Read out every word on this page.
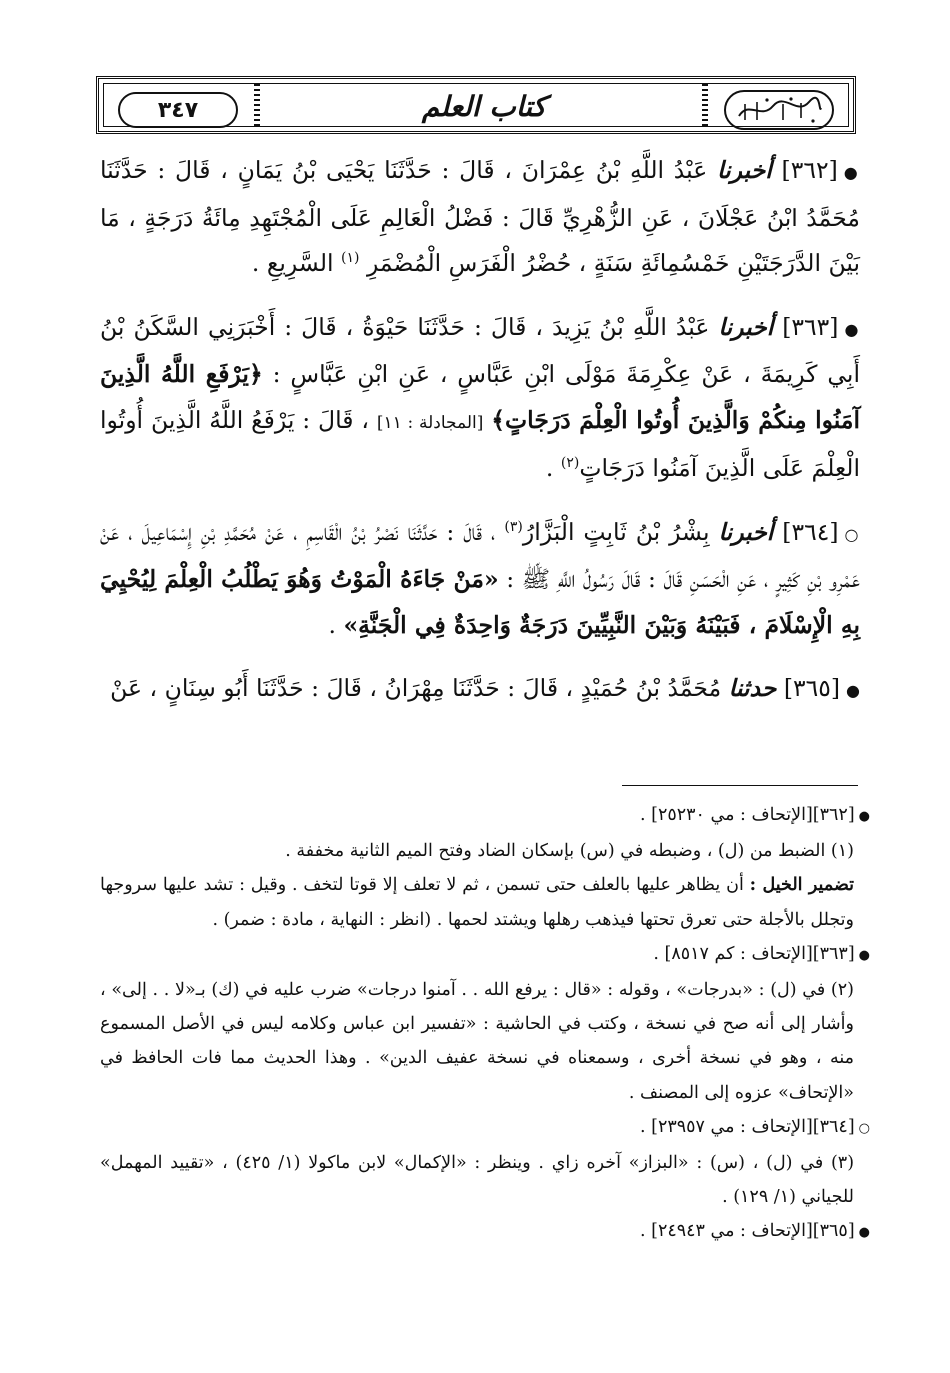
٣٤٧	كتاب العلم

●[٣٦٢] أخبرنا عَبْدُ اللَّهِ بْنُ عِمْرَانَ ، قَالَ : حَدَّثَنَا يَحْيَى بْنُ يَمَانٍ ، قَالَ : حَدَّثَنَا مُحَمَّدُ ابْنُ عَجْلَانَ ، عَنِ الزُّهْرِيِّ قَالَ : فَضْلُ الْعَالِمِ عَلَى الْمُجْتَهِدِ مِائَةُ دَرَجَةٍ ، مَا بَيْنَ الدَّرَجَتَيْنِ خَمْسُمِائَةِ سَنَةٍ ، حُضْرُ الْفَرَسِ الْمُضْمَرِ $^{(١)}$ السَّرِيعِ .

●[٣٦٣] أخبرنا عَبْدُ اللَّهِ بْنُ يَزِيدَ ، قَالَ : حَدَّثَنَا حَيْوَةُ ، قَالَ : أَخْبَرَنِي السَّكَنُ بْنُ أَبِي كَرِيمَةَ ، عَنْ عِكْرِمَةَ مَوْلَى ابْنِ عَبَّاسٍ ، عَنِ ابْنِ عَبَّاسٍ : ﴿يَرْفَعِ اللَّهُ الَّذِينَ آمَنُوا مِنكُمْ وَالَّذِينَ أُوتُوا الْعِلْمَ دَرَجَاتٍ﴾ [المجادلة : ١١] ، قَالَ : يَرْفَعُ اللَّهُ الَّذِينَ أُوتُوا الْعِلْمَ عَلَى الَّذِينَ آمَنُوا دَرَجَاتٍ$^{(٢)}$ .

○[٣٦٤] أخبرنا بِشْرُ بْنُ ثَابِتٍ الْبَزَّارُ$^{(٣)}$ ، قَالَ : حَدَّثَنَا نَصْرُ بْنُ الْقَاسِمِ ، عَنْ مُحَمَّدِ بْنِ إِسْمَاعِيلَ ، عَنْ عَمْرِو بْنِ كَثِيرٍ ، عَنِ الْحَسَنِ قَالَ : قَالَ رَسُولُ اللَّهِ ﷺ : «مَنْ جَاءَهُ الْمَوْتُ وَهُوَ يَطْلُبُ الْعِلْمَ لِيُحْيِيَ بِهِ الْإِسْلَامَ ، فَبَيْنَهُ وَبَيْنَ النَّبِيِّينَ دَرَجَةٌ وَاحِدَةٌ فِي الْجَنَّةِ» .

●[٣٦٥] حدثنا مُحَمَّدُ بْنُ حُمَيْدٍ ، قَالَ : حَدَّثَنَا مِهْرَانُ ، قَالَ : حَدَّثَنَا أَبُو سِنَانٍ ، عَنْ

●[٣٦٢][الإتحاف : مي ٢٥٢٣٠] .

(١) الضبط من (ل) ، وضبطه في (س) بإسكان الضاد وفتح الميم الثانية مخففة .

تضمير الخيل : أن يظاهر عليها بالعلف حتى تسمن ، ثم لا تعلف إلا قوتا لتخف . وقيل : تشد عليها سروجها وتجلل بالأجلة حتى تعرق تحتها فيذهب رهلها ويشتد لحمها . (انظر : النهاية ، مادة : ضمر) .

●[٣٦٣][الإتحاف : كم ٨٥١٧] .

(٢) في (ل) : «بدرجات» ، وقوله : «قال : يرفع الله . . آمنوا درجات» ضرب عليه في (ك) بـ«لا . . إلى» ، وأشار إلى أنه صح في نسخة ، وكتب في الحاشية : «تفسير ابن عباس وكلامه ليس في الأصل المسموع منه ، وهو في نسخة أخرى ، وسمعناه في نسخة عفيف الدين» . وهذا الحديث مما فات الحافظ في «الإتحاف» عزوه إلى المصنف .

○[٣٦٤][الإتحاف : مي ٢٣٩٥٧] .

(٣) في (ل) ، (س) : «البزاز» آخره زاي . وينظر : «الإكمال» لابن ماكولا (١/ ٤٢٥) ، «تقييد المهمل» للجياني (١/ ١٢٩) .

●[٣٦٥][الإتحاف : مي ٢٤٩٤٣] .
